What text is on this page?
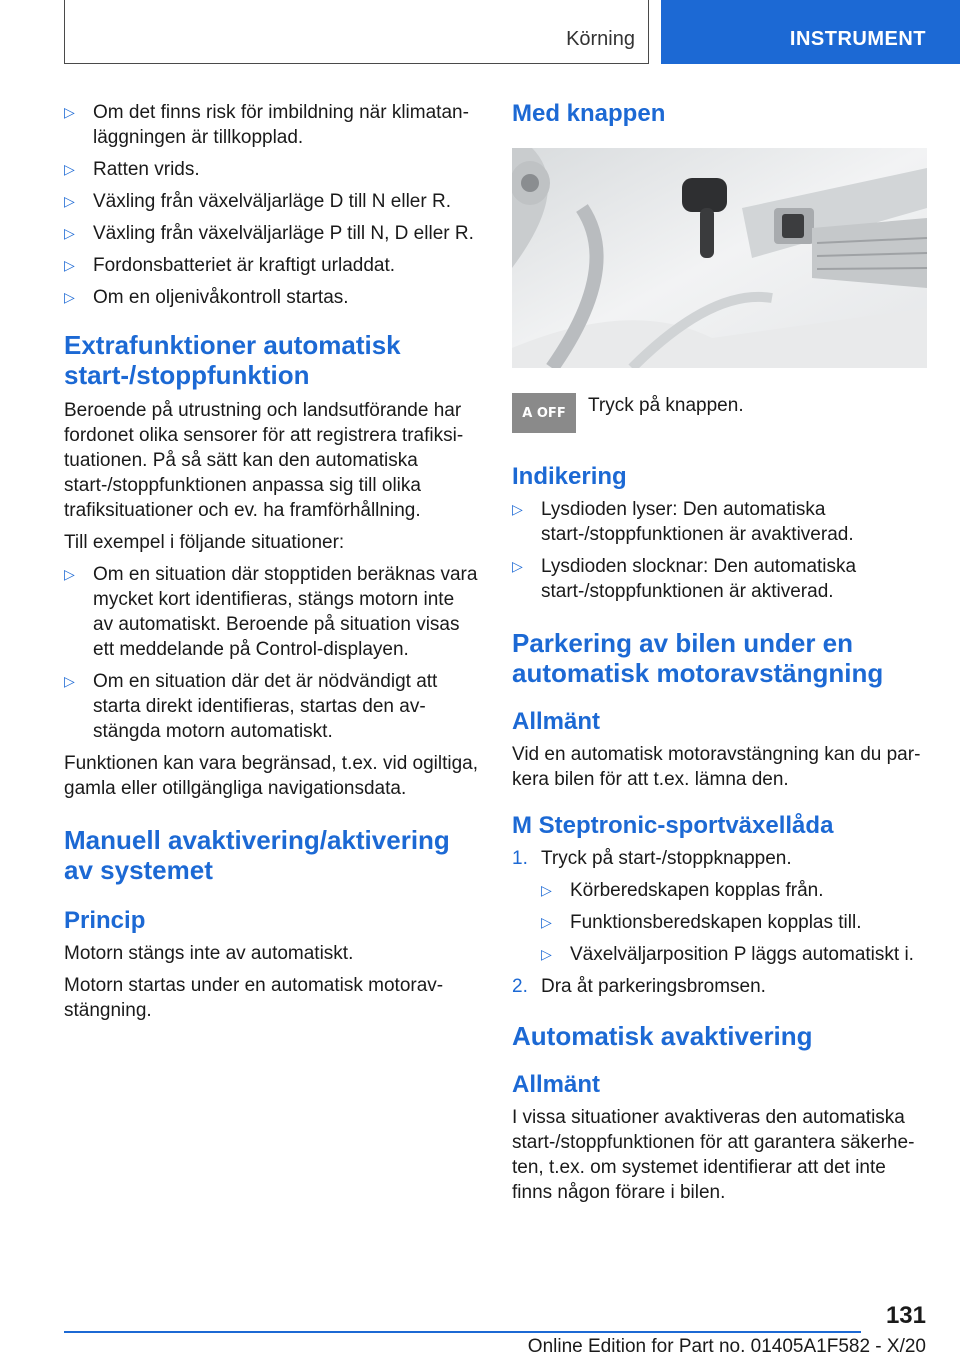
Körning	INSTRUMENT
▷ Om det finns risk för imbildning när klimatanläggningen är tillkopplad.
▷ Ratten vrids.
▷ Växling från växelväljarläge D till N eller R.
▷ Växling från växelväljarläge P till N, D eller R.
▷ Fordonsbatteriet är kraftigt urladdat.
▷ Om en oljenivåkontroll startas.
Extrafunktioner automatisk start-/stoppfunktion

Beroende på utrustning och landsutförande har fordonet olika sensorer för att registrera trafiksituationen. På så sätt kan den automatiska start-/stoppfunktionen anpassa sig till olika trafiksituationer och ev. ha framförhållning.

Till exempel i följande situationer:

▷ Om en situation där stopptiden beräknas vara mycket kort identifieras, stängs motorn inte av automatiskt. Beroende på situation visas ett meddelande på Control-displayen.
▷ Om en situation där det är nödvändigt att starta direkt identifieras, startas den avstängda motorn automatiskt.

Funktionen kan vara begränsad, t.ex. vid ogiltiga, gamla eller otillgängliga navigationsdata.

Manuell avaktivering/aktivering av systemet
Princip

Motorn stängs inte av automatiskt.

Motorn startas under en automatisk motoravstängning.

Med knappen
A OFF Tryck på knappen.
Indikering
▷ Lysdioden lyser: Den automatiska start-/stoppfunktionen är avaktiverad.
▷ Lysdioden slocknar: Den automatiska start-/stoppfunktionen är aktiverad.
Parkering av bilen under en automatisk motoravstängning
Allmänt

Vid en automatisk motoravstängning kan du parkera bilen för att t.ex. lämna den.

M Steptronic-sportväxellåda
1. Tryck på start-/stoppknappen.
▷ Körberedskapen kopplas från.
▷ Funktionsberedskapen kopplas till.
▷ Växelväljarposition P läggs automatiskt i.
2. Dra åt parkeringsbromsen.
Automatisk avaktivering
Allmänt

I vissa situationer avaktiveras den automatiska start-/stoppfunktionen för att garantera säkerheten, t.ex. om systemet identifierar att det inte finns någon förare i bilen.

131
Online Edition for Part no. 01405A1F582 - X/20
